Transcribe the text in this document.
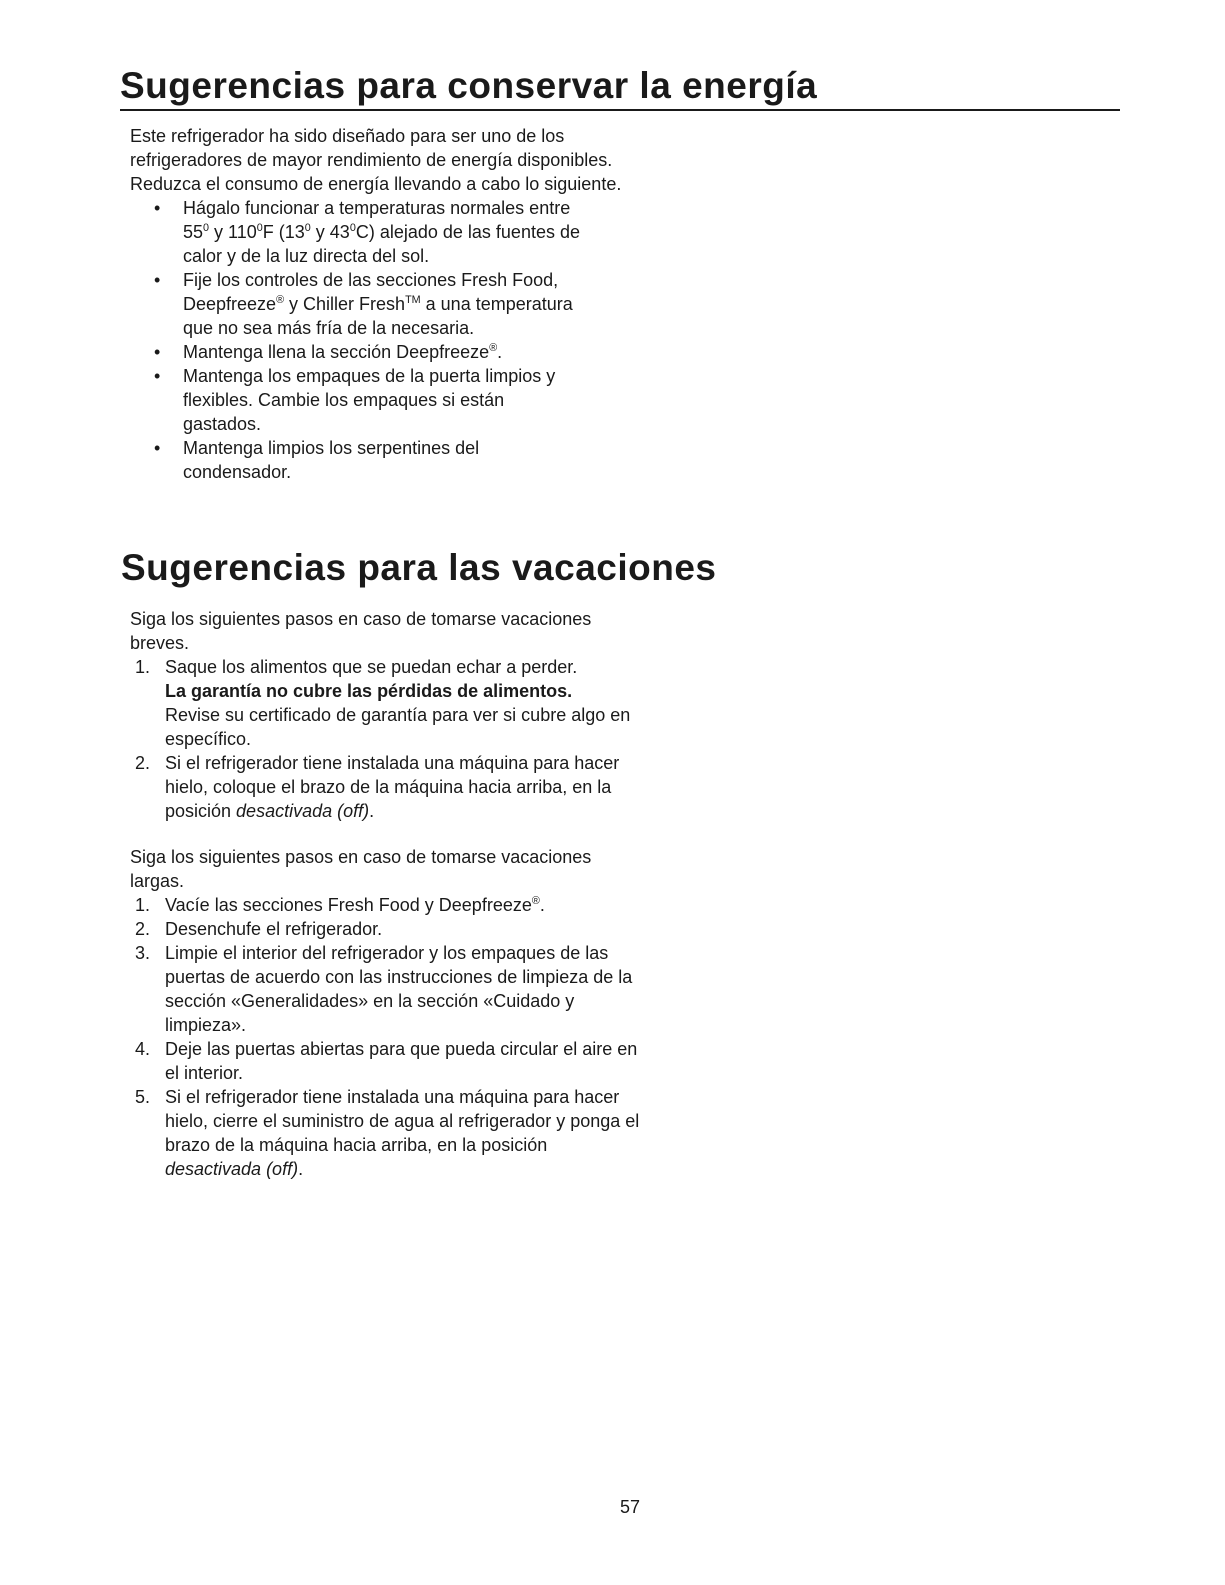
Sugerencias para conservar la energía

Este refrigerador ha sido diseñado para ser uno de los refrigeradores de mayor rendimiento de energía disponibles. Reduzca el consumo de energía llevando a cabo lo siguiente.

• Hágalo funcionar a temperaturas normales entre
$55^0$ y $110^0F$ ($13^0$ y $43^0C$) alejado de las fuentes de
calor y de la luz directa del sol.
• Fije los controles de las secciones Fresh Food,
Deepfreeze® y Chiller Fresh™ a una temperatura
que no sea más fría de la necesaria.
• Mantenga llena la sección Deepfreeze®.
• Mantenga los empaques de la puerta limpios y
flexibles. Cambie los empaques si están
gastados.
• Mantenga limpios los serpentines del
condensador.
Sugerencias para las vacaciones

Siga los siguientes pasos en caso de tomarse vacaciones breves.

1. Saque los alimentos que se puedan echar a perder.
La garantía no cubre las pérdidas de alimentos.
Revise su certificado de garantía para ver si cubre algo en específico.
2. Si el refrigerador tiene instalada una máquina para hacer hielo, coloque el brazo de la máquina hacia arriba, en la posición desactivada (off).

Siga los siguientes pasos en caso de tomarse vacaciones largas.

1. Vacíe las secciones Fresh Food y Deepfreeze®.
2. Desenchufe el refrigerador.
3. Limpie el interior del refrigerador y los empaques de las puertas de acuerdo con las instrucciones de limpieza de la sección «Generalidades» en la sección «Cuidado y limpieza».
4. Deje las puertas abiertas para que pueda circular el aire en el interior.
5. Si el refrigerador tiene instalada una máquina para hacer hielo, cierre el suministro de agua al refrigerador y ponga el brazo de la máquina hacia arriba, en la posición desactivada (off).
57
